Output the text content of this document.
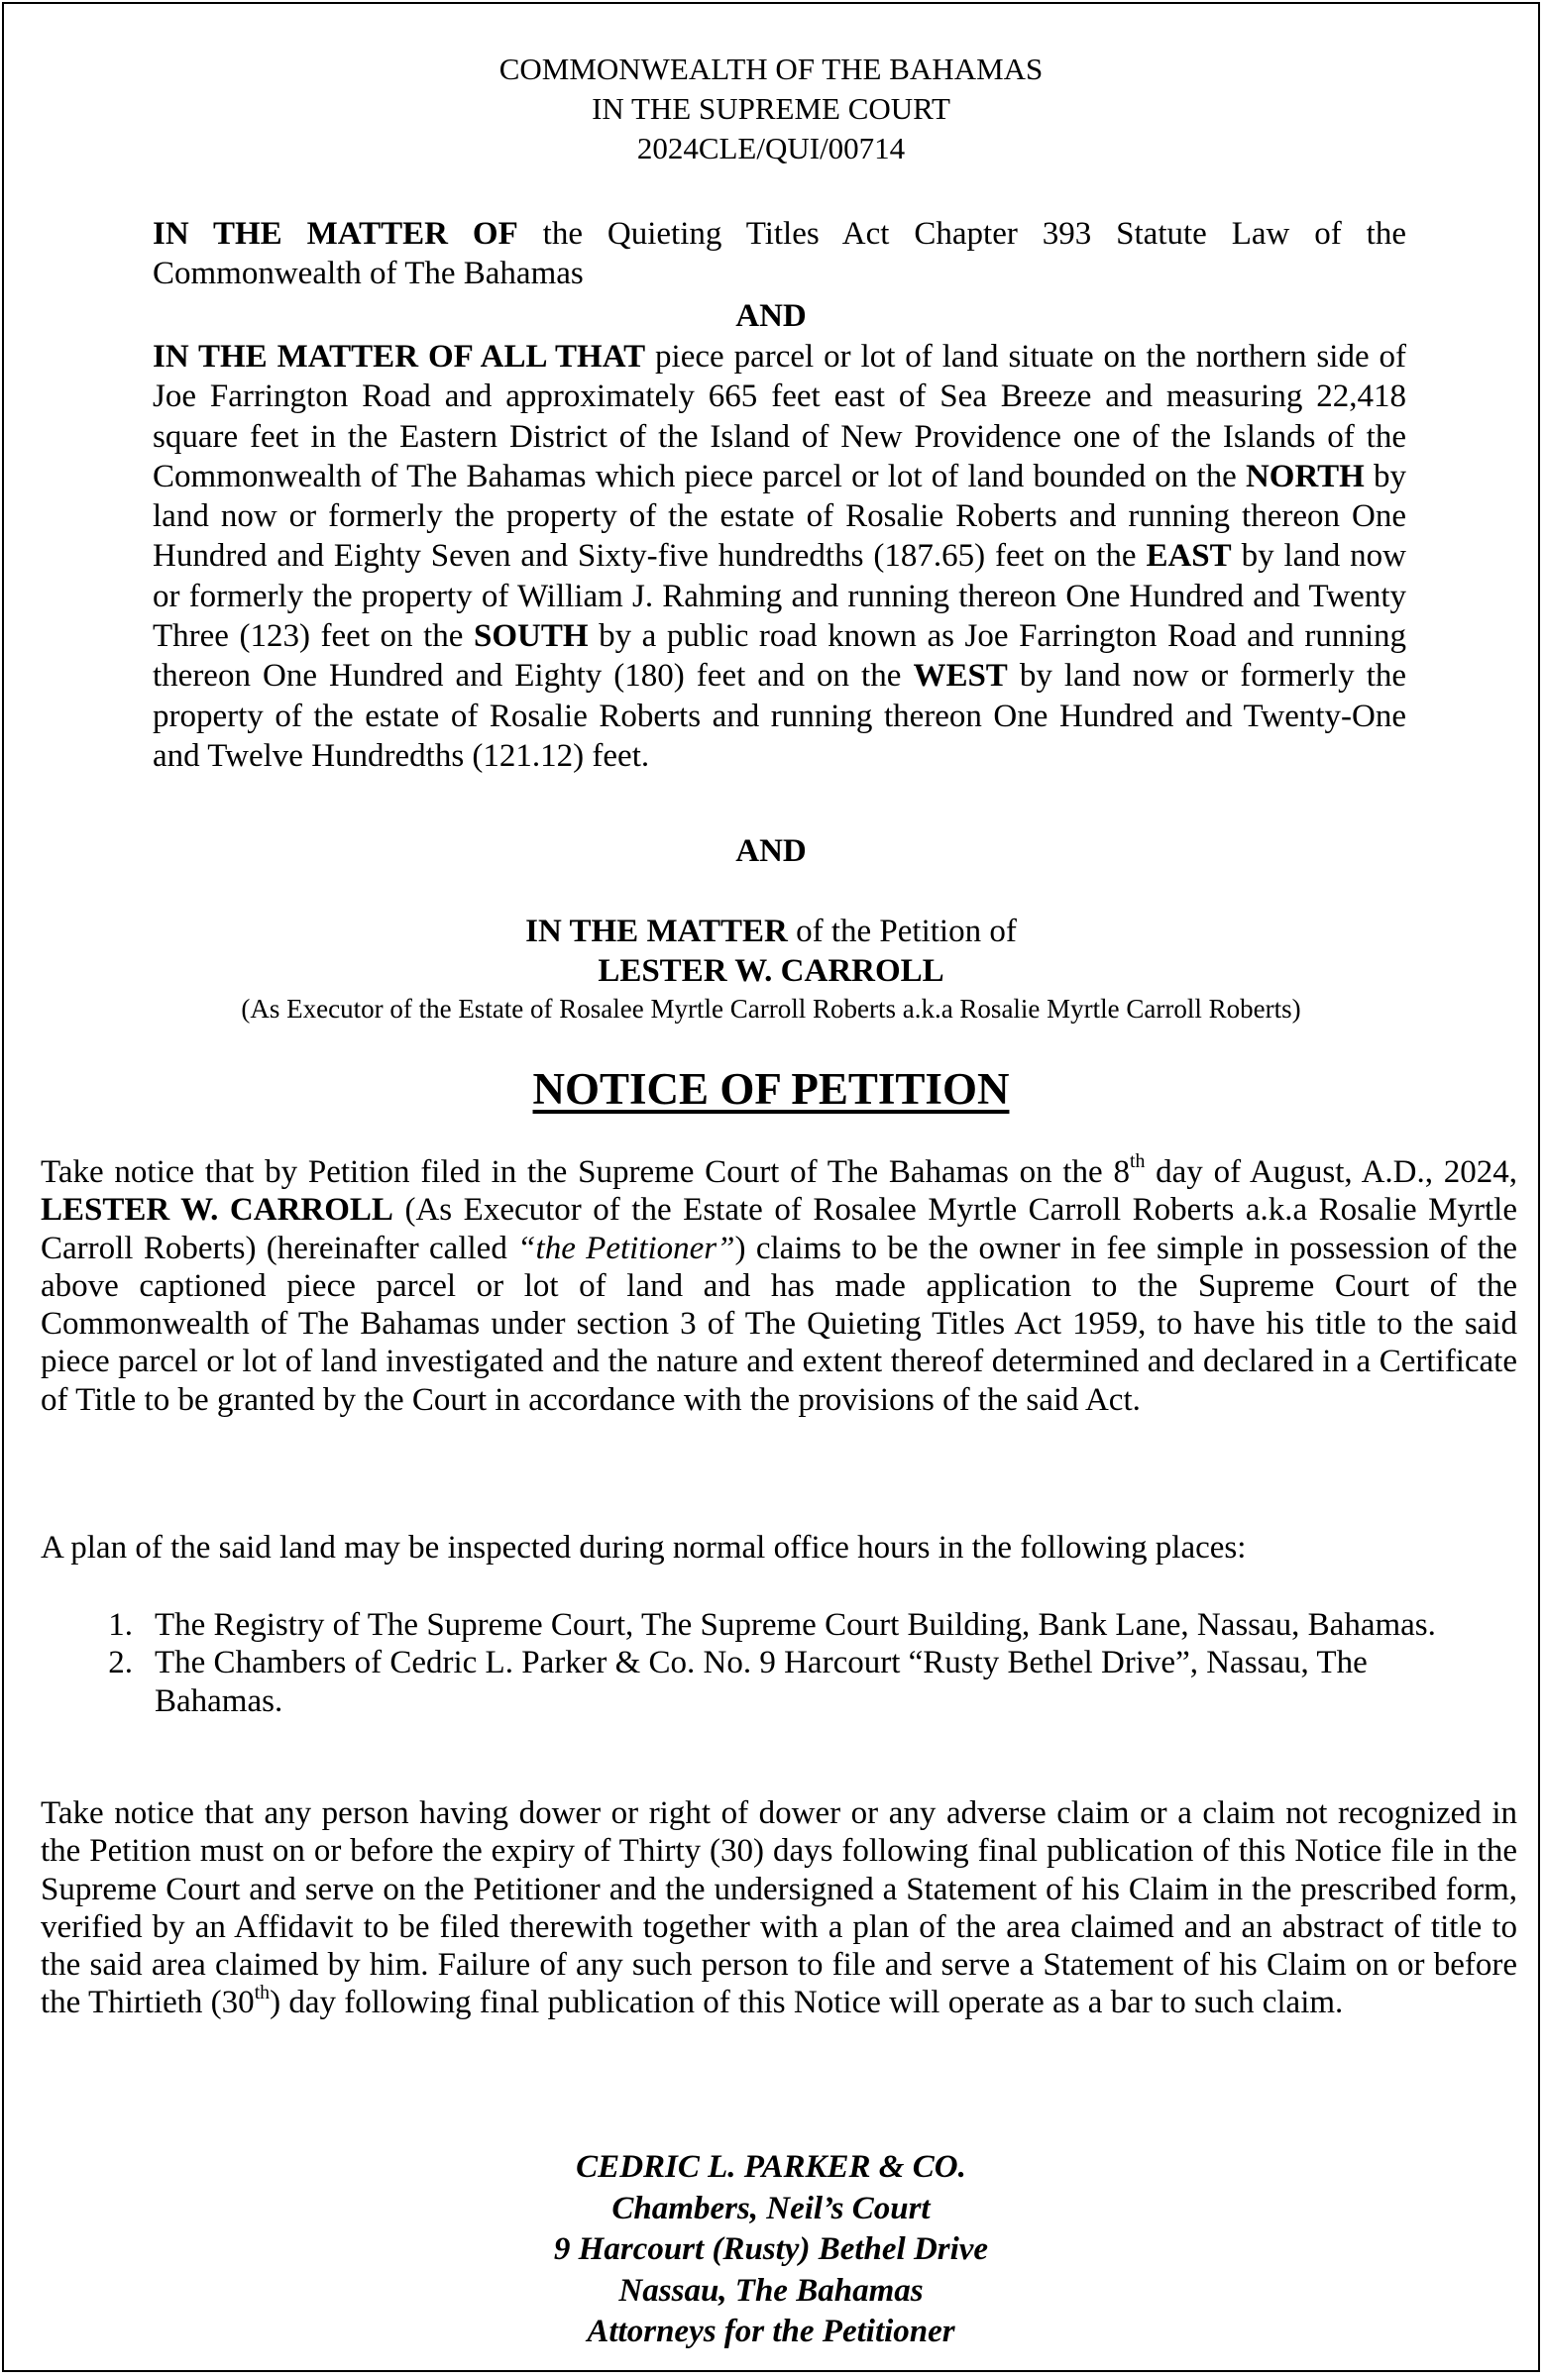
COMMONWEALTH OF THE BAHAMAS
IN THE SUPREME COURT
2024CLE/QUI/00714
IN THE MATTER OF the Quieting Titles Act Chapter 393 Statute Law of the Commonwealth of The Bahamas
AND
IN THE MATTER OF ALL THAT piece parcel or lot of land situate on the northern side of Joe Farrington Road and approximately 665 feet east of Sea Breeze and measuring 22,418 square feet in the Eastern District of the Island of New Providence one of the Islands of the Commonwealth of The Bahamas which piece parcel or lot of land bounded on the NORTH by land now or formerly the property of the estate of Rosalie Roberts and running thereon One Hundred and Eighty Seven and Sixty-five hundredths (187.65) feet on the EAST by land now or formerly the property of William J. Rahming and running thereon One Hundred and Twenty Three (123) feet on the SOUTH by a public road known as Joe Farrington Road and running thereon One Hundred and Eighty (180) feet and on the WEST by land now or formerly the property of the estate of Rosalie Roberts and running thereon One Hundred and Twenty-One and Twelve Hundredths (121.12) feet.
AND
IN THE MATTER of the Petition of
LESTER W. CARROLL
(As Executor of the Estate of Rosalee Myrtle Carroll Roberts a.k.a Rosalie Myrtle Carroll Roberts)
NOTICE OF PETITION
Take notice that by Petition filed in the Supreme Court of The Bahamas on the 8th day of August, A.D., 2024, LESTER W. CARROLL (As Executor of the Estate of Rosalee Myrtle Carroll Roberts a.k.a Rosalie Myrtle Carroll Roberts) (hereinafter called “the Petitioner”) claims to be the owner in fee simple in possession of the above captioned piece parcel or lot of land and has made application to the Supreme Court of the Commonwealth of The Bahamas under section 3 of The Quieting Titles Act 1959, to have his title to the said piece parcel or lot of land investigated and the nature and extent thereof determined and declared in a Certificate of Title to be granted by the Court in accordance with the provisions of the said Act.
A plan of the said land may be inspected during normal office hours in the following places:
1. The Registry of The Supreme Court, The Supreme Court Building, Bank Lane, Nassau, Bahamas.
2. The Chambers of Cedric L. Parker & Co. No. 9 Harcourt “Rusty Bethel Drive”, Nassau, The Bahamas.
Take notice that any person having dower or right of dower or any adverse claim or a claim not recognized in the Petition must on or before the expiry of Thirty (30) days following final publication of this Notice file in the Supreme Court and serve on the Petitioner and the undersigned a Statement of his Claim in the prescribed form, verified by an Affidavit to be filed therewith together with a plan of the area claimed and an abstract of title to the said area claimed by him. Failure of any such person to file and serve a Statement of his Claim on or before the Thirtieth (30th) day following final publication of this Notice will operate as a bar to such claim.
CEDRIC L. PARKER & CO.
Chambers, Neil’s Court
9 Harcourt (Rusty) Bethel Drive
Nassau, The Bahamas
Attorneys for the Petitioner
